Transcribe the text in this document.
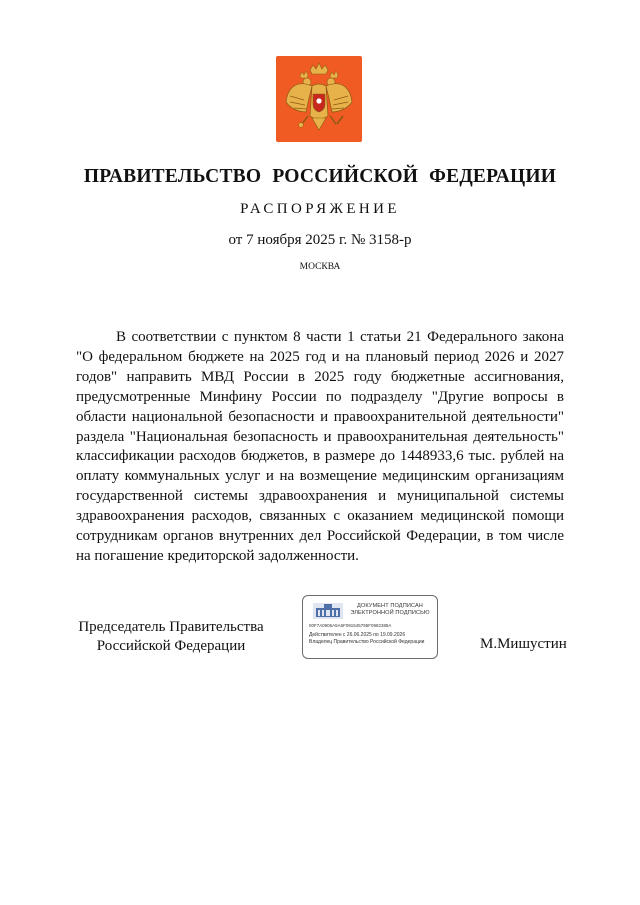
ПРАВИТЕЛЬСТВО РОССИЙСКОЙ ФЕДЕРАЦИИ
РАСПОРЯЖЕНИЕ
от 7 ноября 2025 г. № 3158-р
МОСКВА

В соответствии с пунктом 8 части 1 статьи 21 Федерального закона "О федеральном бюджете на 2025 год и на плановый период 2026 и 2027 годов" направить МВД России в 2025 году бюджетные ассигнования, предусмотренные Минфину России по подразделу "Другие вопросы в области национальной безопасности и правоохранительной деятельности" раздела "Национальная безопасность и правоохранительная деятельность" классификации расходов бюджетов, в размере до 1448933,6 тыс. рублей на оплату коммунальных услуг и на возмещение медицинским организациям государственной системы здравоохранения и муниципальной системы здравоохранения расходов, связанных с оказанием медицинской помощи сотрудникам органов внутренних дел Российской Федерации, в том числе на погашение кредиторской задолженности.

Председатель Правительства
Российской Федерации
ДОКУМЕНТ ПОДПИСАН
ЭЛЕКТРОННОЙ ПОДПИСЬЮ
00F7A0906A5A6F091545795F0982385A
Действителен с 26.06.2025 по 19.09.2026
Владелец Правительство Российской Федерации	М.Мишустин
